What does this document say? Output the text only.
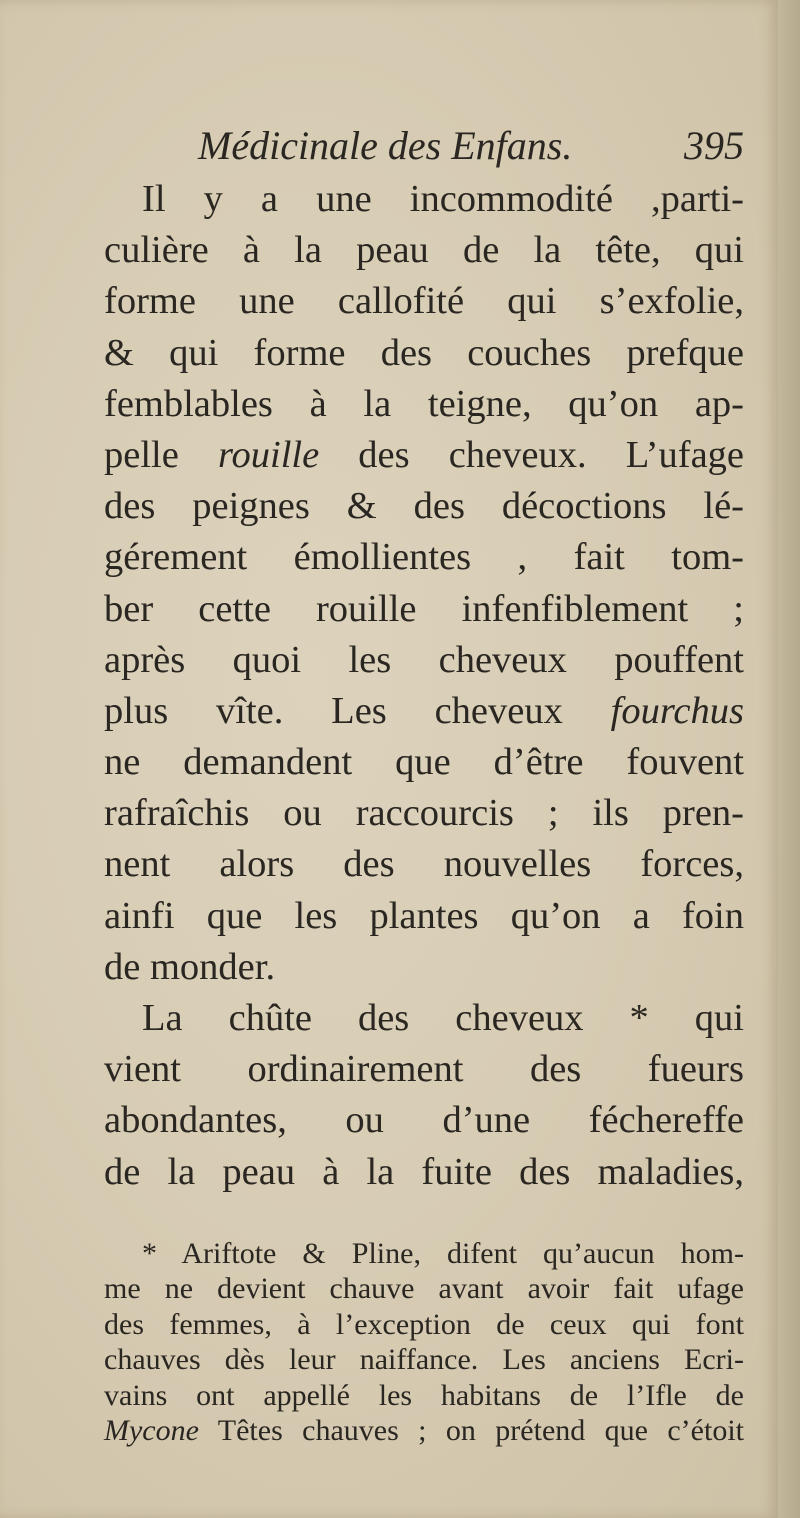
Médicinale des Enfans.	395
Il y a une incommodité ,parti-
culière à la peau de la tête, qui
forme une callofité qui s’exfolie,
& qui forme des couches prefque
femblables à la teigne, qu’on ap-
pelle rouille des cheveux. L’ufage
des peignes & des décoctions lé-
gérement émollientes , fait tom-
ber cette rouille infenfiblement ;
après quoi les cheveux pouffent
plus vîte. Les cheveux fourchus
ne demandent que d’être fouvent
rafraîchis ou raccourcis ; ils pren-
nent alors des nouvelles forces,
ainfi que les plantes qu’on a foin
de monder.
La chûte des cheveux * qui
vient ordinairement des fueurs
abondantes, ou d’une féchereffe
de la peau à la fuite des maladies,
* Ariftote & Pline, difent qu’aucun hom-
me ne devient chauve avant avoir fait ufage
des femmes, à l’exception de ceux qui font
chauves dès leur naiffance. Les anciens Ecri-
vains ont appellé les habitans de l’Ifle de
Mycone Têtes chauves ; on prétend que c’étoit
